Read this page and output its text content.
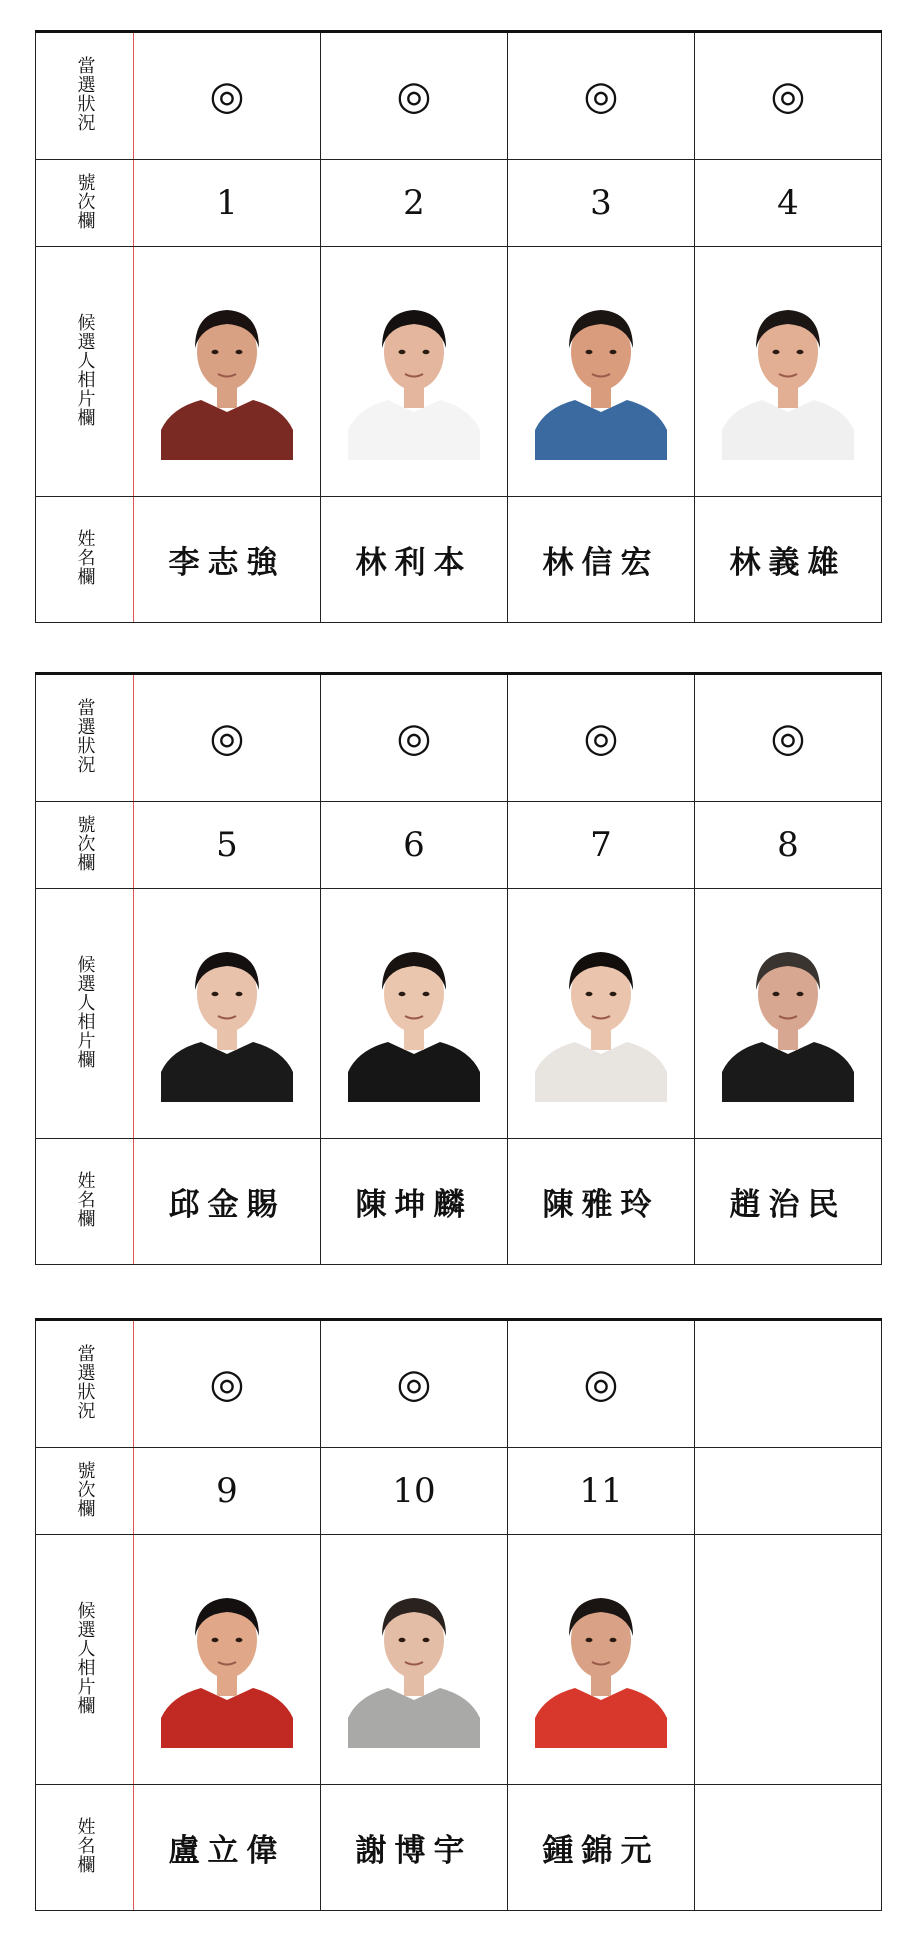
當選狀況	◎	◎	◎	◎
號次欄	1	2	3	4
候選人相片欄	

姓名欄	李志強	林利本	林信宏	林義雄
當選狀況	◎	◎	◎	◎
號次欄	5	6	7	8
候選人相片欄	

姓名欄	邱金賜	陳坤麟	陳雅玲	趙治民
當選狀況	◎	◎	◎	
號次欄	9	10	11	
候選人相片欄	

姓名欄	盧立偉	謝博宇	鍾錦元	
